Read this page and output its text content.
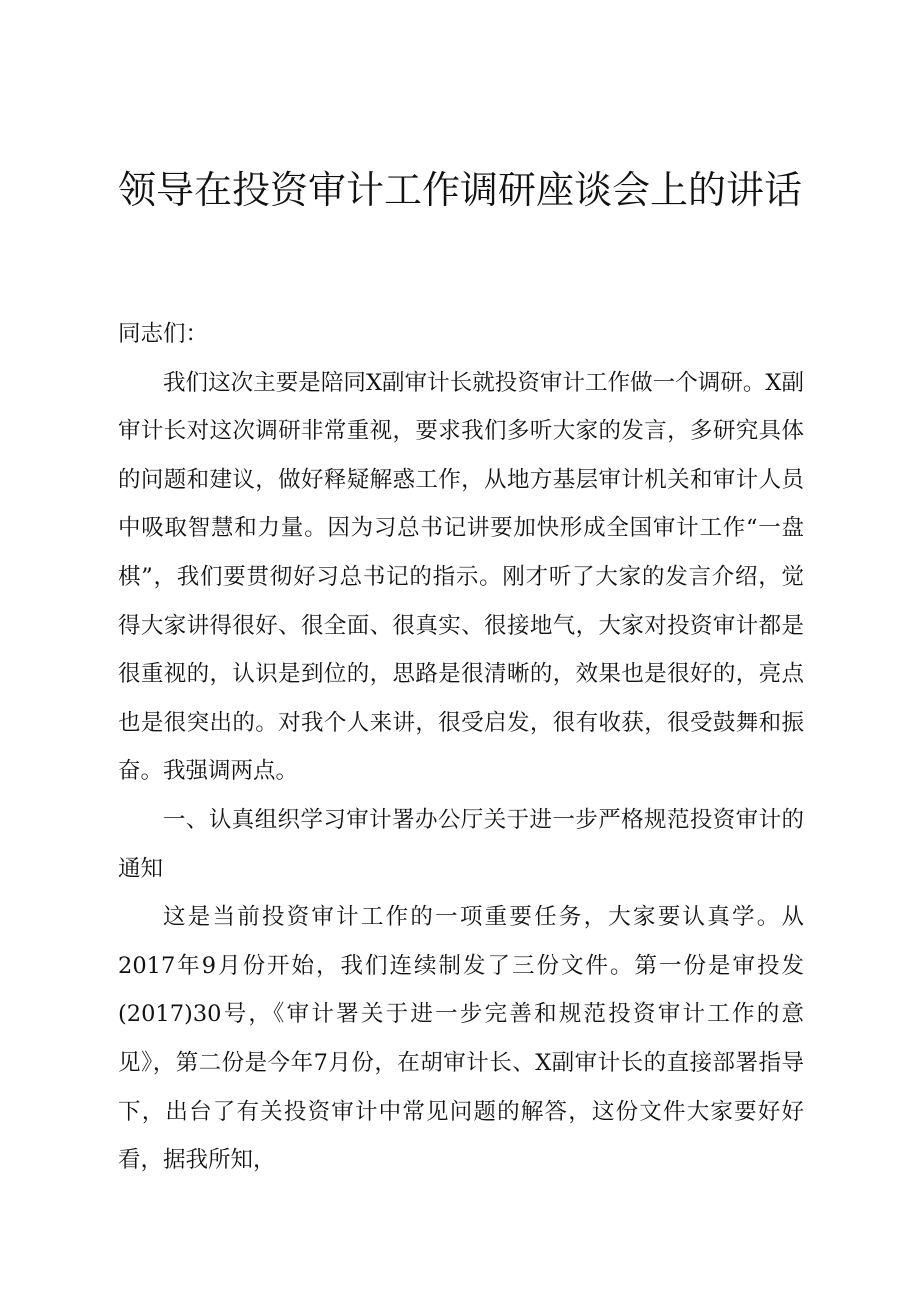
领导在投资审计工作调研座谈会上的讲话

同志们：

我们这次主要是陪同X副审计长就投资审计工作做一个调研。X副审计长对这次调研非常重视，要求我们多听大家的发言，多研究具体的问题和建议，做好释疑解惑工作，从地方基层审计机关和审计人员中吸取智慧和力量。因为习总书记讲要加快形成全国审计工作“一盘棋”，我们要贯彻好习总书记的指示。刚才听了大家的发言介绍，觉得大家讲得很好、很全面、很真实、很接地气，大家对投资审计都是很重视的，认识是到位的，思路是很清晰的，效果也是很好的，亮点也是很突出的。对我个人来讲，很受启发，很有收获，很受鼓舞和振奋。我强调两点。

一、认真组织学习审计署办公厅关于进一步严格规范投资审计的通知

这是当前投资审计工作的一项重要任务，大家要认真学。从2017年9月份开始，我们连续制发了三份文件。第一份是审投发(2017)30号，《审计署关于进一步完善和规范投资审计工作的意见》，第二份是今年7月份，在胡审计长、X副审计长的直接部署指导下，出台了有关投资审计中常见问题的解答，这份文件大家要好好看，据我所知，
